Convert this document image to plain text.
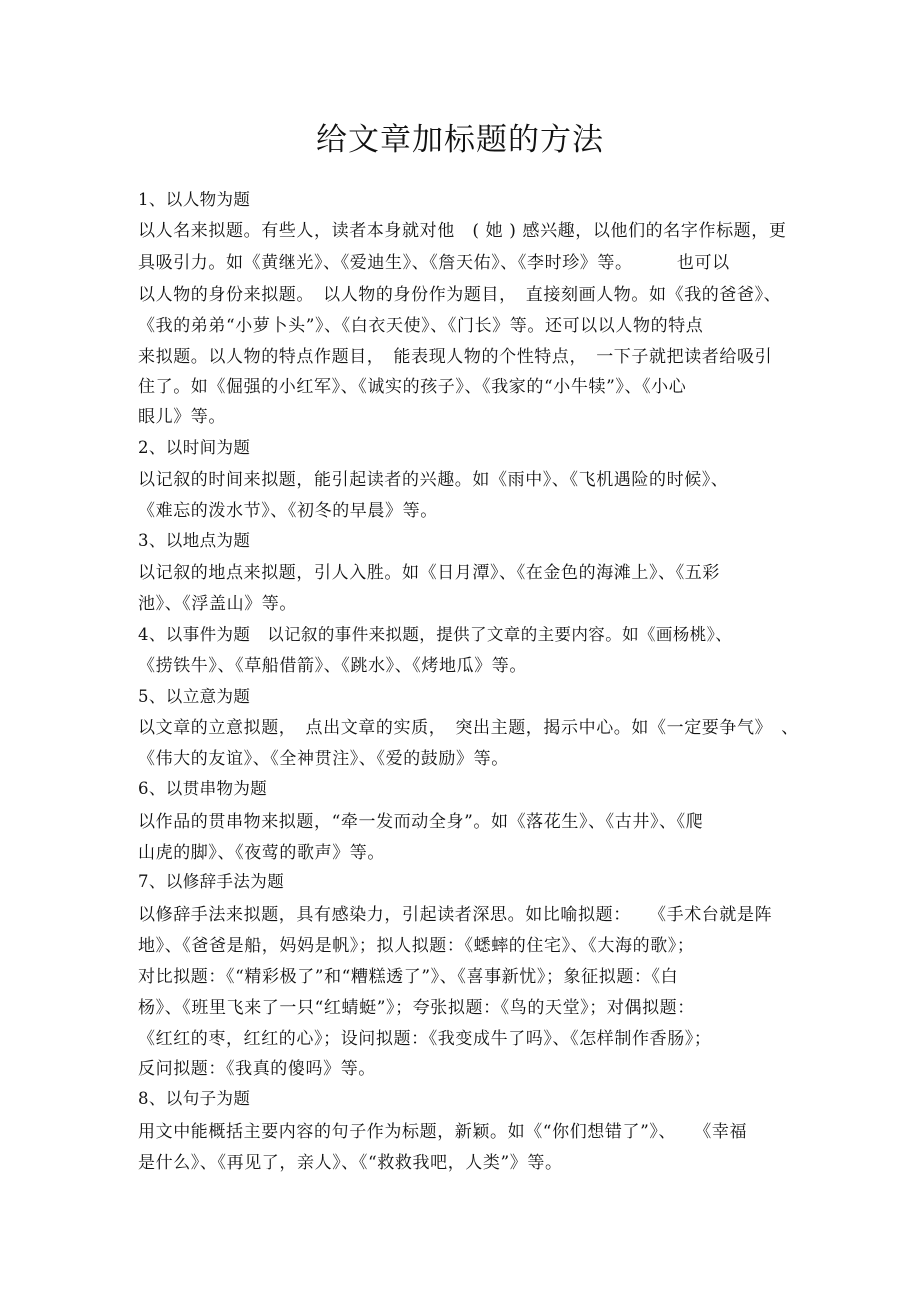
给文章加标题的方法
1、以人物为题
以人名来拟题。有些人，读者本身就对他　( 她 ) 感兴趣，以他们的名字作标题，更
具吸引力。如《黄继光》、《爱迪生》、《詹天佑》、《李时珍》等。　　　也可以
以人物的身份来拟题。　以人物的身份作为题目，　直接刻画人物。如《我的爸爸》、
《我的弟弟“小萝卜头”》、《白衣天使》、《门长》等。还可以以人物的特点
来拟题。以人物的特点作题目，　能表现人物的个性特点，　一下子就把读者给吸引
住了。如《倔强的小红军》、《诚实的孩子》、《我家的“小牛犊”》、《小心
眼儿》等。
2、以时间为题
以记叙的时间来拟题，能引起读者的兴趣。如《雨中》、《飞机遇险的时候》、
《难忘的泼水节》、《初冬的早晨》等。
3、以地点为题
以记叙的地点来拟题，引人入胜。如《日月潭》、《在金色的海滩上》、《五彩
池》、《浮盖山》等。
4、以事件为题　以记叙的事件来拟题，提供了文章的主要内容。如《画杨桃》、
《捞铁牛》、《草船借箭》、《跳水》、《烤地瓜》等。
5、以立意为题
以文章的立意拟题，　点出文章的实质，　突出主题，揭示中心。如《一定要争气》　、
《伟大的友谊》、《全神贯注》、《爱的鼓励》等。
6、以贯串物为题
以作品的贯串物来拟题，“牵一发而动全身”。如《落花生》、《古井》、《爬
山虎的脚》、《夜莺的歌声》等。
7、以修辞手法为题
以修辞手法来拟题，具有感染力，引起读者深思。如比喻拟题：　　《手术台就是阵
地》、《爸爸是船，妈妈是帆》；拟人拟题：《蟋蟀的住宅》、《大海的歌》；
对比拟题：《“精彩极了”和“糟糕透了”》、《喜事新忧》；象征拟题：《白
杨》、《班里飞来了一只“红蜻蜓”》；夸张拟题：《鸟的天堂》；对偶拟题：
《红红的枣，红红的心》；设问拟题：《我变成牛了吗》、《怎样制作香肠》；
反问拟题：《我真的傻吗》等。
8、以句子为题
用文中能概括主要内容的句子作为标题，新颖。如《“你们想错了”》、　　《幸福
是什么》、《再见了，亲人》、《“救救我吧，人类”》等。
